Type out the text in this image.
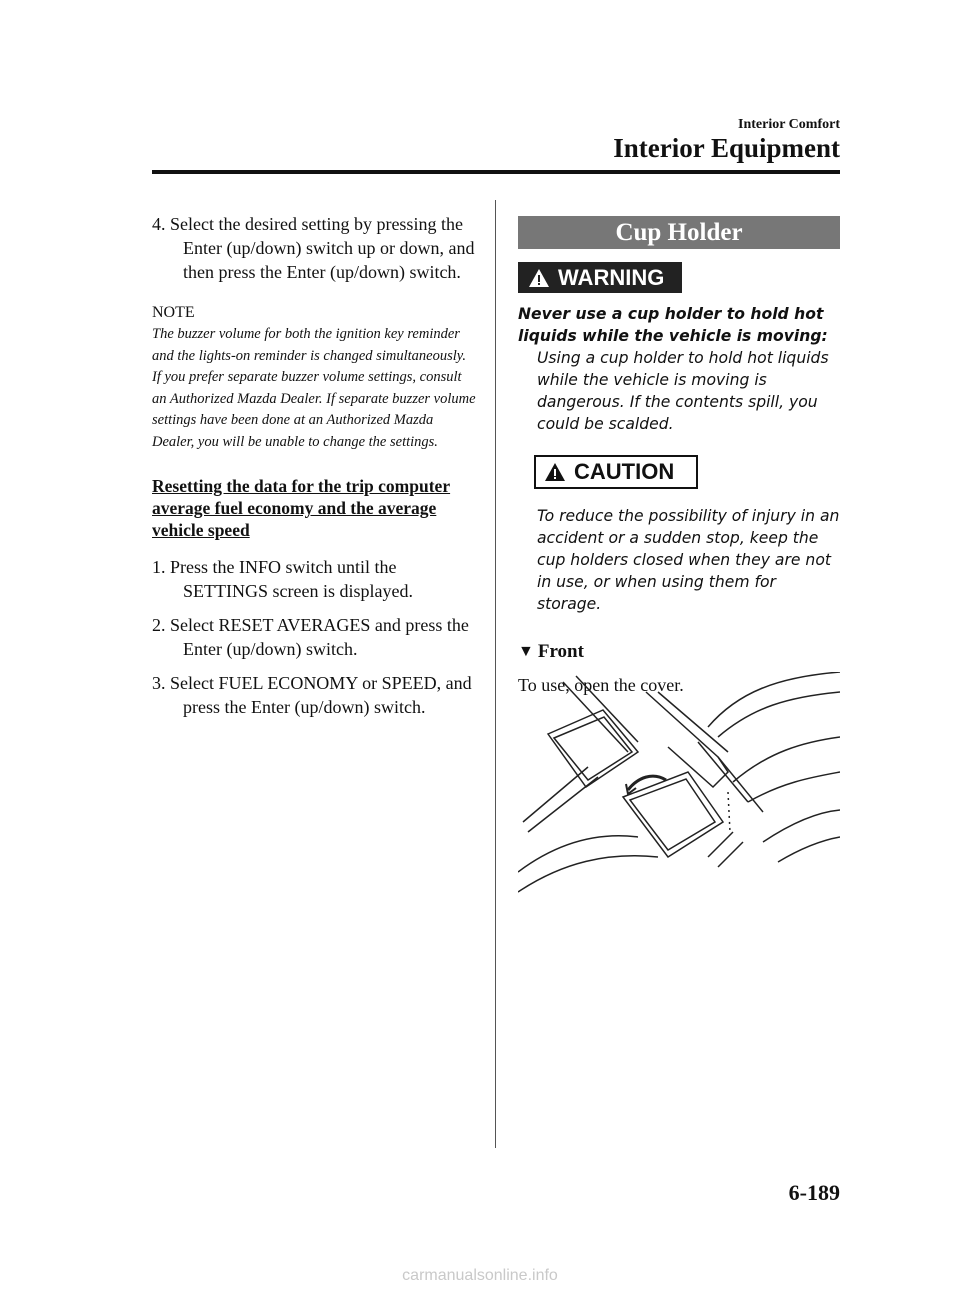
Interior Comfort
Interior Equipment

4. Select the desired setting by pressing the Enter (up/down) switch up or down, and then press the Enter (up/down) switch.

NOTE

The buzzer volume for both the ignition key reminder and the lights-on reminder is changed simultaneously. If you prefer separate buzzer volume settings, consult an Authorized Mazda Dealer. If separate buzzer volume settings have been done at an Authorized Mazda Dealer, you will be unable to change the settings.

Resetting the data for the trip computer average fuel economy and the average vehicle speed

1. Press the INFO switch until the SETTINGS screen is displayed.

2. Select RESET AVERAGES and press the Enter (up/down) switch.

3. Select FUEL ECONOMY or SPEED, and press the Enter (up/down) switch.

Cup Holder
WARNING

Never use a cup holder to hold hot liquids while the vehicle is moving:
Using a cup holder to hold hot liquids while the vehicle is moving is dangerous. If the contents spill, you could be scalded.

CAUTION

To reduce the possibility of injury in an accident or a sudden stop, keep the cup holders closed when they are not in use, or when using them for storage.

▼ Front

To use, open the cover.

6-189
carmanualsonline.info
